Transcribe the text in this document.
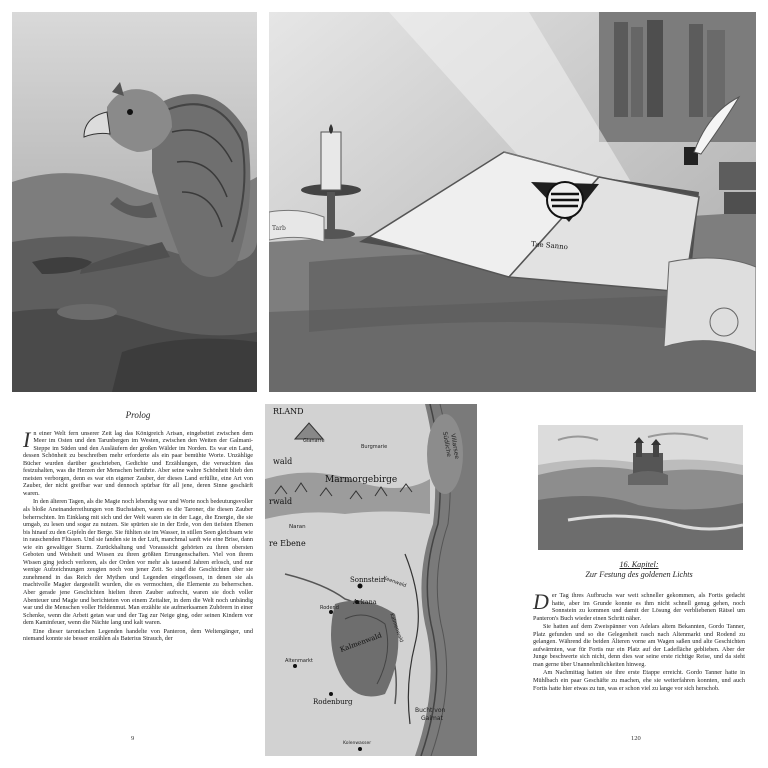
Tae Sanno
Tarb
Prolog

I n einer Welt fern unserer Zeit lag das Königreich Arisan, eingebettet zwischen dem Meer im Osten und den Tarunbergen im Westen, zwischen den Weiten der Galmani-Steppe im Süden und den Ausläufern der großen Wälder im Norden. Es war ein Land, dessen Schönheit zu beschreiben mehr erforderte als ein paar bemühte Worte. Unzählige Bücher wurden darüber geschrieben, Gedichte und Erzählungen, die versuchten das festzuhalten, was die Herzen der Menschen berührte. Aber seine wahre Schönheit blieb den meisten verborgen, denn es war ein eigener Zauber, der dieses Land erfüllte, eine Art von Zauber, der nicht greifbar war und dennoch spürbar für all jene, deren Sinne geschärft waren.

In den älteren Tagen, als die Magie noch lebendig war und Worte noch bedeutungsvoller als bloße Aneinanderreihungen von Buchstaben, waren es die Taroner, die diesen Zauber beherrschten. Im Einklang mit sich und der Welt waren sie in der Lage, die Energie, die sie umgab, zu lesen und sogar zu nutzen. Sie spürten sie in der Erde, von den tiefsten Ebenen bis hinauf zu den Gipfeln der Berge. Sie fühlten sie im Wasser, in stillen Seen gleichsam wie in rauschenden Flüssen. Und sie fanden sie in der Luft, manchmal sanft wie eine Brise, dann wie ein gewaltiger Sturm. Zurückhaltung und Voraussicht gehörten zu ihren obersten Geboten und Weisheit und Wissen zu ihren größten Errungenschaften. Viel von ihrem Wissen ging jedoch verloren, als der Orden vor mehr als tausend Jahren erlosch, und nur wenige Aufzeichnungen zeugten noch von jener Zeit. So sind die Geschichten über sie zunehmend in das Reich der Mythen und Legenden eingeflossen, in denen sie als machtvolle Magier dargestellt wurden, die es vermochten, die Elemente zu beherrschen. Aber gerade jene Geschichten hielten ihren Zauber aufrecht, waren sie doch voller Abenteuer und Magie und berichteten von einem Zeitalter, in dem die Welt noch unbändig war und die Menschen voller Heldenmut. Man erzählte sie aufmerksamen Zuhörern in einer Schenke, wenn die Arbeit getan war und der Tag zur Neige ging, oder seinen Kindern vor dem Kaminfeuer, wenn die Nächte lang und kalt waren.

Eine dieser taronischen Legenden handelte von Panteron, dem Weltengänger, und niemand konnte sie besser erzählen als Baterius Strauch, der

9
RLAND
Glanarre
Burgmarie
wald
Marmorgebirge
Südliche
Villarsee
rwald
Naran
re Ebene
Sonnstein
Rodend
Arkana
Keenwald
Kalmenwald
Kalmenwald
Altenmarkt
Rodenburg
Bucht von
Galmat
Kolenwasser
16. Kapitel:
Zur Festung des goldenen Lichts

D er Tag ihres Aufbruchs war weit schneller gekommen, als Fortis gedacht hatte, aber im Grunde konnte es ihm nicht schnell genug gehen, noch Sonnstein zu kommen und damit der Lösung der verbliebenen Rätsel um Panteron's Buch wieder einen Schritt näher.

Sie hatten auf dem Zweispänner von Adelars altem Bekannten, Gordo Tanner, Platz gefunden und so die Gelegenheit rasch nach Altenmarkt und Rodend zu gelangen. Während die beiden Älteren vorne am Wagen saßen und alte Geschichten aufwärmten, war für Fortis nur ein Platz auf der Ladefläche geblieben. Aber der Junge beschwerte sich nicht, denn dies war seine erste richtige Reise, und da sieht man gerne über Unannehmlichkeiten hinweg.

Am Nachmittag hatten sie ihre erste Etappe erreicht. Gordo Tanner hatte in Mühlbach ein paar Geschäfte zu machen, ehe sie weiterfahren konnten, und auch Fortis hatte hier etwas zu tun, was er schon viel zu lange vor sich herschob.

120
